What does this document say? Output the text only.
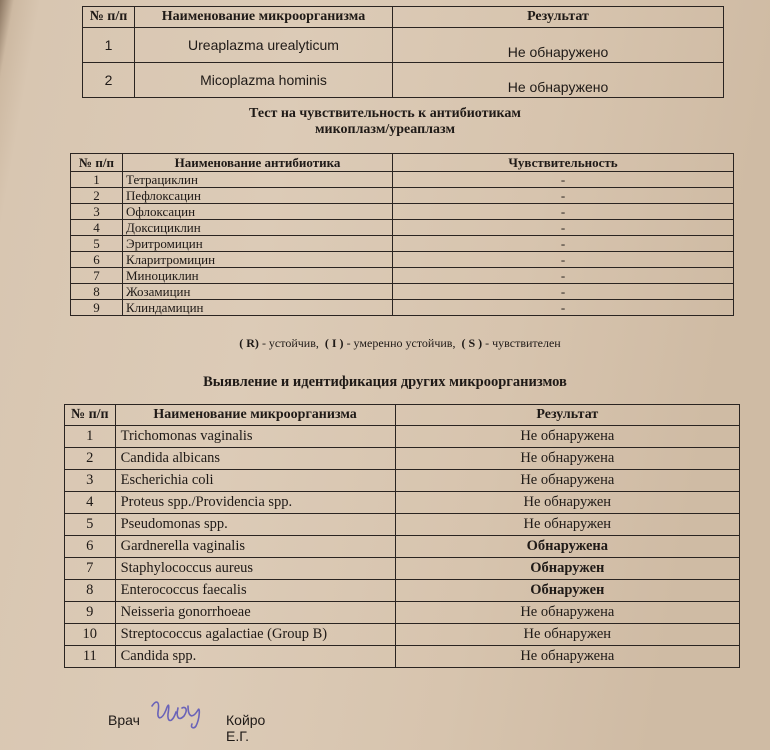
№ п/п	Наименование микроорганизма	Результат
1	Ureaplazma urealyticum	Не обнаружено
2	Micoplazma hominis	Не обнаружено
Тест на чувствительность к антибиотикам
микоплазм/уреаплазм
№ п/п	Наименование антибиотика	Чувствительность
1	Тетрациклин	-
2	Пефлоксацин	-
3	Офлоксацин	-
4	Доксициклин	-
5	Эритромицин	-
6	Кларитромицин	-
7	Миноциклин	-
8	Жозамицин	-
9	Клиндамицин	-
( R) - устойчив, ( I ) - умеренно устойчив, ( S ) - чувствителен
Выявление и идентификация других микроорганизмов
№ п/п	Наименование микроорганизма	Результат
1	Trichomonas vaginalis	Не обнаружена
2	Candida albicans	Не обнаружена
3	Escherichia coli	Не обнаружена
4	Proteus spp./Providencia spp.	Не обнаружен
5	Pseudomonas spp.	Не обнаружен
6	Gardnerella vaginalis	Обнаружена
7	Staphylococcus aureus	Обнаружен
8	Enterococcus faecalis	Обнаружен
9	Neisseria gonorrhoeae	Не обнаружена
10	Streptococcus agalactiae (Group B)	Не обнаружен
11	Candida spp.	Не обнаружена
Врач	Койро Е.Г.
